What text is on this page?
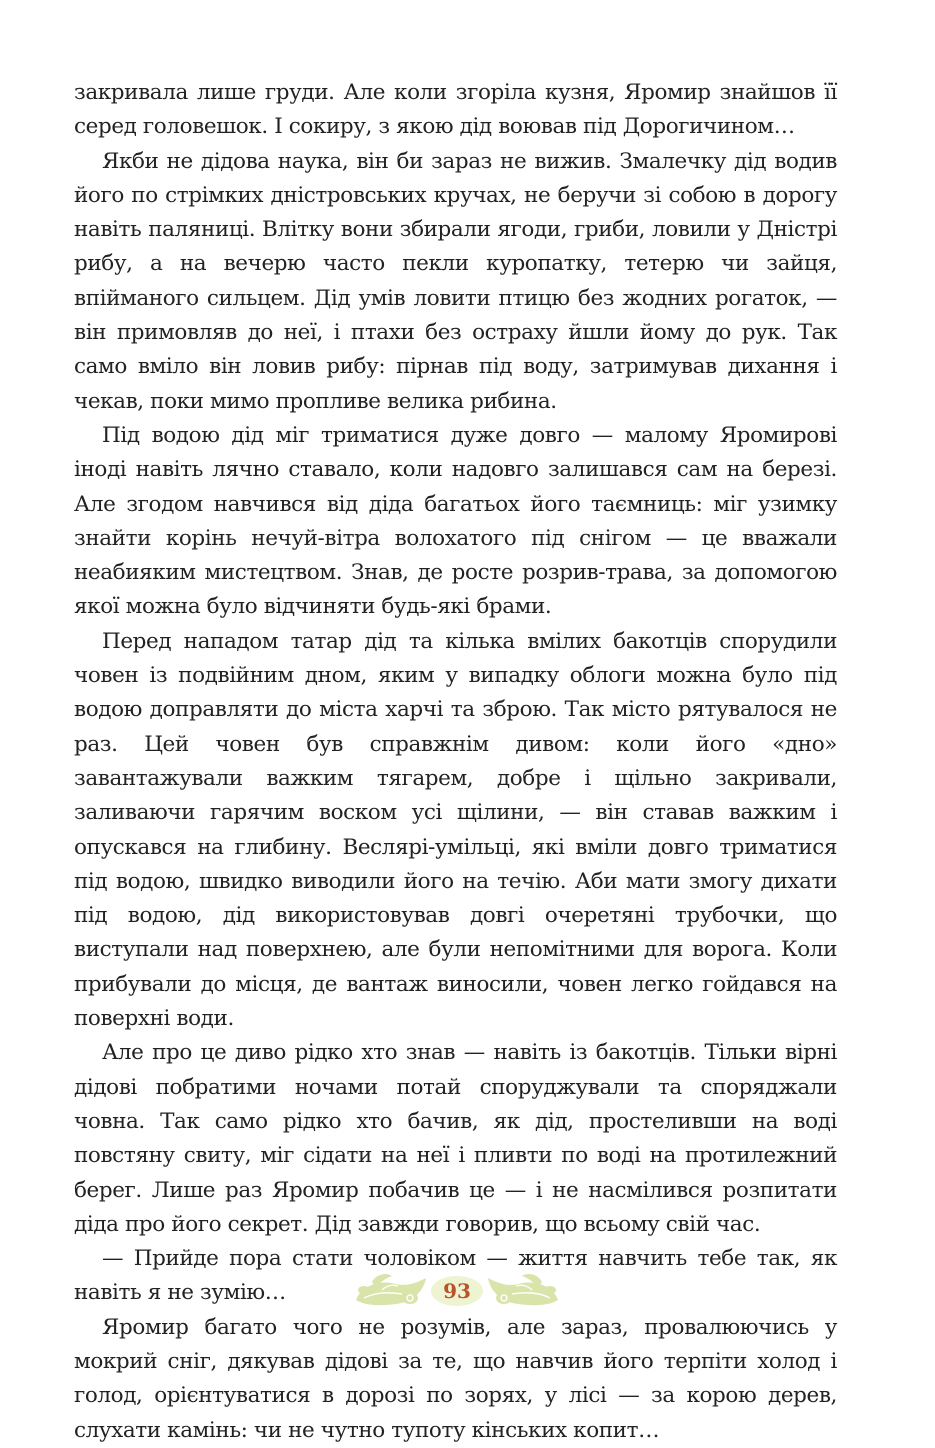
закривала лише груди. Але коли згоріла кузня, Яромир знайшов її серед головешок. І сокиру, з якою дід воював під Дорогичином…

Якби не дідова наука, він би зараз не вижив. Змалечку дід водив його по стрімких дністровських кручах, не беручи зі собою в дорогу навіть паляниці. Влітку вони збирали ягоди, гриби, ловили у Дністрі рибу, а на вечерю часто пекли куропатку, тетерю чи зайця, впійманого сильцем. Дід умів ловити птицю без жодних рогаток, — він примовляв до неї, і птахи без остраху йшли йому до рук. Так само вміло він ловив рибу: пірнав під воду, затримував дихання і чекав, поки мимо пропливе велика рибина.

Під водою дід міг триматися дуже довго — малому Яромирові іноді навіть лячно ставало, коли надовго залишався сам на березі. Але згодом навчився від діда багатьох його таємниць: міг узимку знайти корінь нечуй-вітра волохатого під снігом — це вважали неабияким мистецтвом. Знав, де росте розрив-трава, за допомогою якої можна було відчиняти будь-які брами.

Перед нападом татар дід та кілька вмілих бакотців спорудили човен із подвійним дном, яким у випадку облоги можна було під водою доправляти до міста харчі та зброю. Так місто рятувалося не раз. Цей човен був справжнім дивом: коли його «дно» завантажували важким тягарем, добре і щільно закривали, заливаючи гарячим воском усі щілини, — він ставав важким і опускався на глибину. Веслярі-умільці, які вміли довго триматися під водою, швидко виводили його на течію. Аби мати змогу дихати під водою, дід використовував довгі очеретяні трубочки, що виступали над поверхнею, але були непомітними для ворога. Коли прибували до місця, де вантаж виносили, човен легко гойдався на поверхні води.

Але про це диво рідко хто знав — навіть із бакотців. Тільки вірні дідові побратими ночами потай споруджували та споряджали човна. Так само рідко хто бачив, як дід, простеливши на воді повстяну свиту, міг сідати на неї і пливти по воді на протилежний берег. Лише раз Яромир побачив це — і не насмілився розпитати діда про його секрет. Дід завжди говорив, що всьому свій час.

— Прийде пора стати чоловіком — життя навчить тебе так, як навіть я не зумію…

Яромир багато чого не розумів, але зараз, провалюючись у мокрий сніг, дякував дідові за те, що навчив його терпіти холод і голод, орієнтуватися в дорозі по зорях, у лісі — за корою дерев, слухати камінь: чи не чутно тупоту кінських копит…

93
